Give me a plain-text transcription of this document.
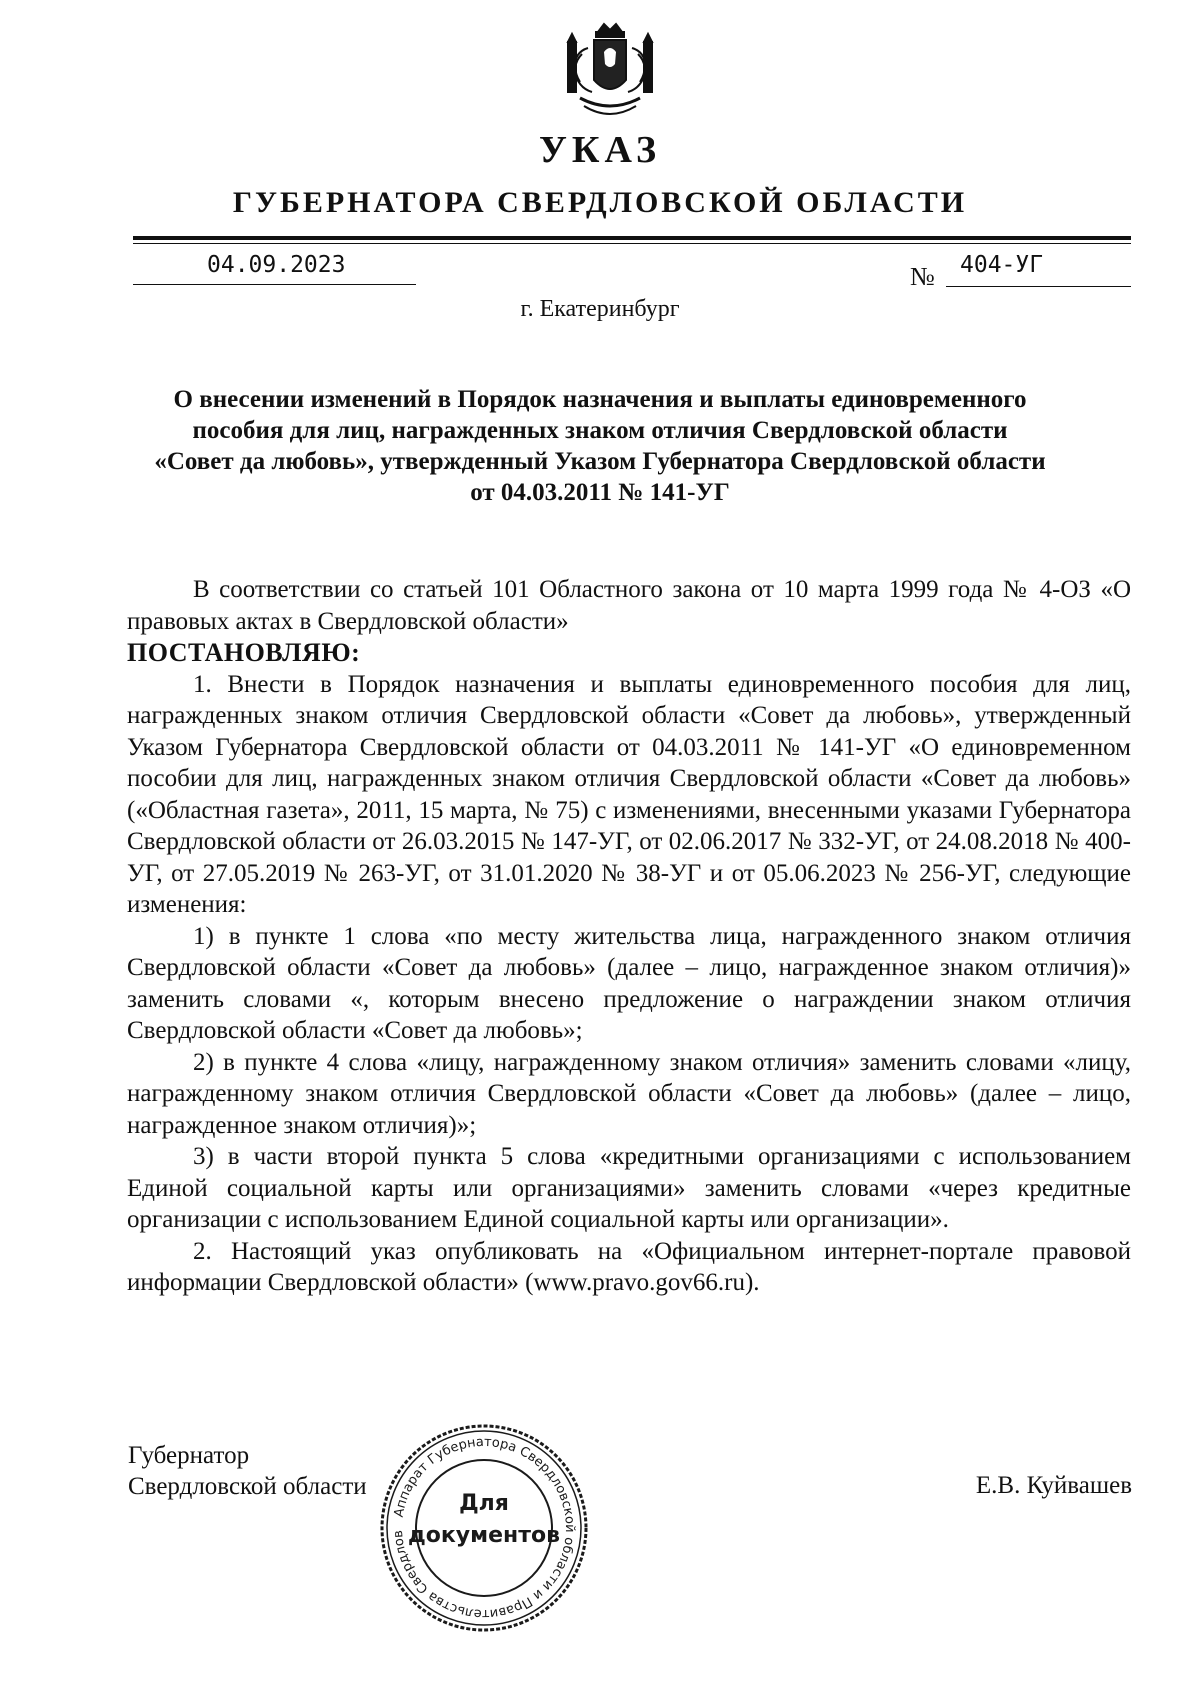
УКАЗ
ГУБЕРНАТОРА СВЕРДЛОВСКОЙ ОБЛАСТИ
04.09.2023	№ 404-УГ
г. Екатеринбург
О внесении изменений в Порядок назначения и выплаты единовременного пособия для лиц, награжденных знаком отличия Свердловской области «Совет да любовь», утвержденный Указом Губернатора Свердловской области от 04.03.2011 № 141-УГ

В соответствии со статьей 101 Областного закона от 10 марта 1999 года № 4-ОЗ «О правовых актах в Свердловской области»

ПОСТАНОВЛЯЮ:

1. Внести в Порядок назначения и выплаты единовременного пособия для лиц, награжденных знаком отличия Свердловской области «Совет да любовь», утвержденный Указом Губернатора Свердловской области от 04.03.2011 № 141-УГ «О единовременном пособии для лиц, награжденных знаком отличия Свердловской области «Совет да любовь» («Областная газета», 2011, 15 марта, № 75) с изменениями, внесенными указами Губернатора Свердловской области от 26.03.2015 № 147-УГ, от 02.06.2017 № 332-УГ, от 24.08.2018 № 400-УГ, от 27.05.2019 № 263-УГ, от 31.01.2020 № 38-УГ и от 05.06.2023 № 256-УГ, следующие изменения:

1) в пункте 1 слова «по месту жительства лица, награжденного знаком отличия Свердловской области «Совет да любовь» (далее – лицо, награжденное знаком отличия)» заменить словами «, которым внесено предложение о награждении знаком отличия Свердловской области «Совет да любовь»;

2) в пункте 4 слова «лицу, награжденному знаком отличия» заменить словами «лицу, награжденному знаком отличия Свердловской области «Совет да любовь» (далее – лицо, награжденное знаком отличия)»;

3) в части второй пункта 5 слова «кредитными организациями с использованием Единой социальной карты или организациями» заменить словами «через кредитные организации с использованием Единой социальной карты или организации».

2. Настоящий указ опубликовать на «Официальном интернет-портале правовой информации Свердловской области» (www.pravo.gov66.ru).

Губернатор
Свердловской области	Е.В. Куйвашев
Аппарат Губернатора Свердловской области и Правительства Свердлов
Для
документов
